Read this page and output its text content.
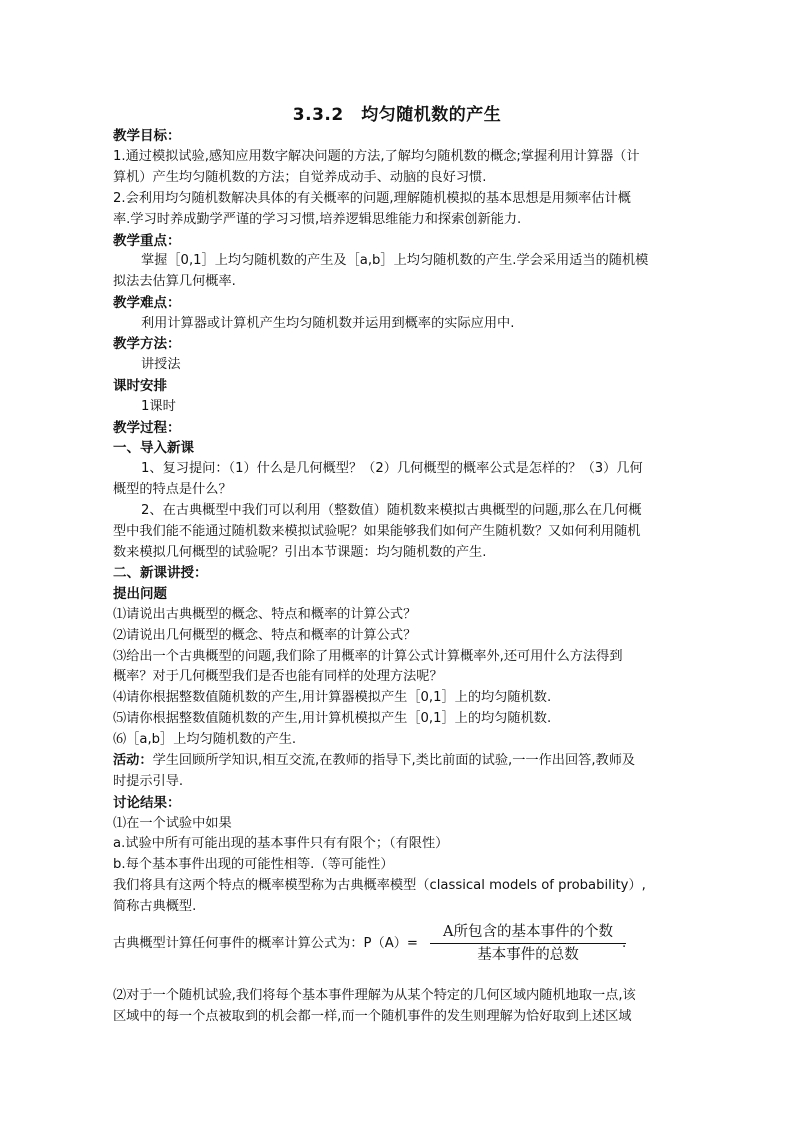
3.3.2　均匀随机数的产生
教学目标：
1.通过模拟试验,感知应用数字解决问题的方法,了解均匀随机数的概念;掌握利用计算器（计
算机）产生均匀随机数的方法；自觉养成动手、动脑的良好习惯.
2.会利用均匀随机数解决具体的有关概率的问题,理解随机模拟的基本思想是用频率估计概
率.学习时养成勤学严谨的学习习惯,培养逻辑思维能力和探索创新能力.
教学重点：
掌握［0,1］上均匀随机数的产生及［a,b］上均匀随机数的产生.学会采用适当的随机模
拟法去估算几何概率.
教学难点：
利用计算器或计算机产生均匀随机数并运用到概率的实际应用中.
教学方法：
讲授法
课时安排
1课时
教学过程：
一、导入新课
1、复习提问：（1）什么是几何概型？（2）几何概型的概率公式是怎样的？（3）几何
概型的特点是什么？
2、在古典概型中我们可以利用（整数值）随机数来模拟古典概型的问题,那么在几何概
型中我们能不能通过随机数来模拟试验呢？如果能够我们如何产生随机数？又如何利用随机
数来模拟几何概型的试验呢？引出本节课题：均匀随机数的产生.
二、新课讲授：
提出问题
⑴请说出古典概型的概念、特点和概率的计算公式？
⑵请说出几何概型的概念、特点和概率的计算公式？
⑶给出一个古典概型的问题,我们除了用概率的计算公式计算概率外,还可用什么方法得到
概率？对于几何概型我们是否也能有同样的处理方法呢？
⑷请你根据整数值随机数的产生,用计算器模拟产生［0,1］上的均匀随机数.
⑸请你根据整数值随机数的产生,用计算机模拟产生［0,1］上的均匀随机数.
⑹［a,b］上均匀随机数的产生.
活动：学生回顾所学知识,相互交流,在教师的指导下,类比前面的试验,一一作出回答,教师及
时提示引导.
讨论结果：
⑴在一个试验中如果
a.试验中所有可能出现的基本事件只有有限个；（有限性）
b.每个基本事件出现的可能性相等.（等可能性）
我们将具有这两个特点的概率模型称为古典概率模型（classical models of probability）,
简称古典概型.
古典概型计算任何事件的概率计算公式为：P（A）=
A所包含的基本事件的个数
基本事件的总数
.
⑵对于一个随机试验,我们将每个基本事件理解为从某个特定的几何区域内随机地取一点,该
区域中的每一个点被取到的机会都一样,而一个随机事件的发生则理解为恰好取到上述区域
